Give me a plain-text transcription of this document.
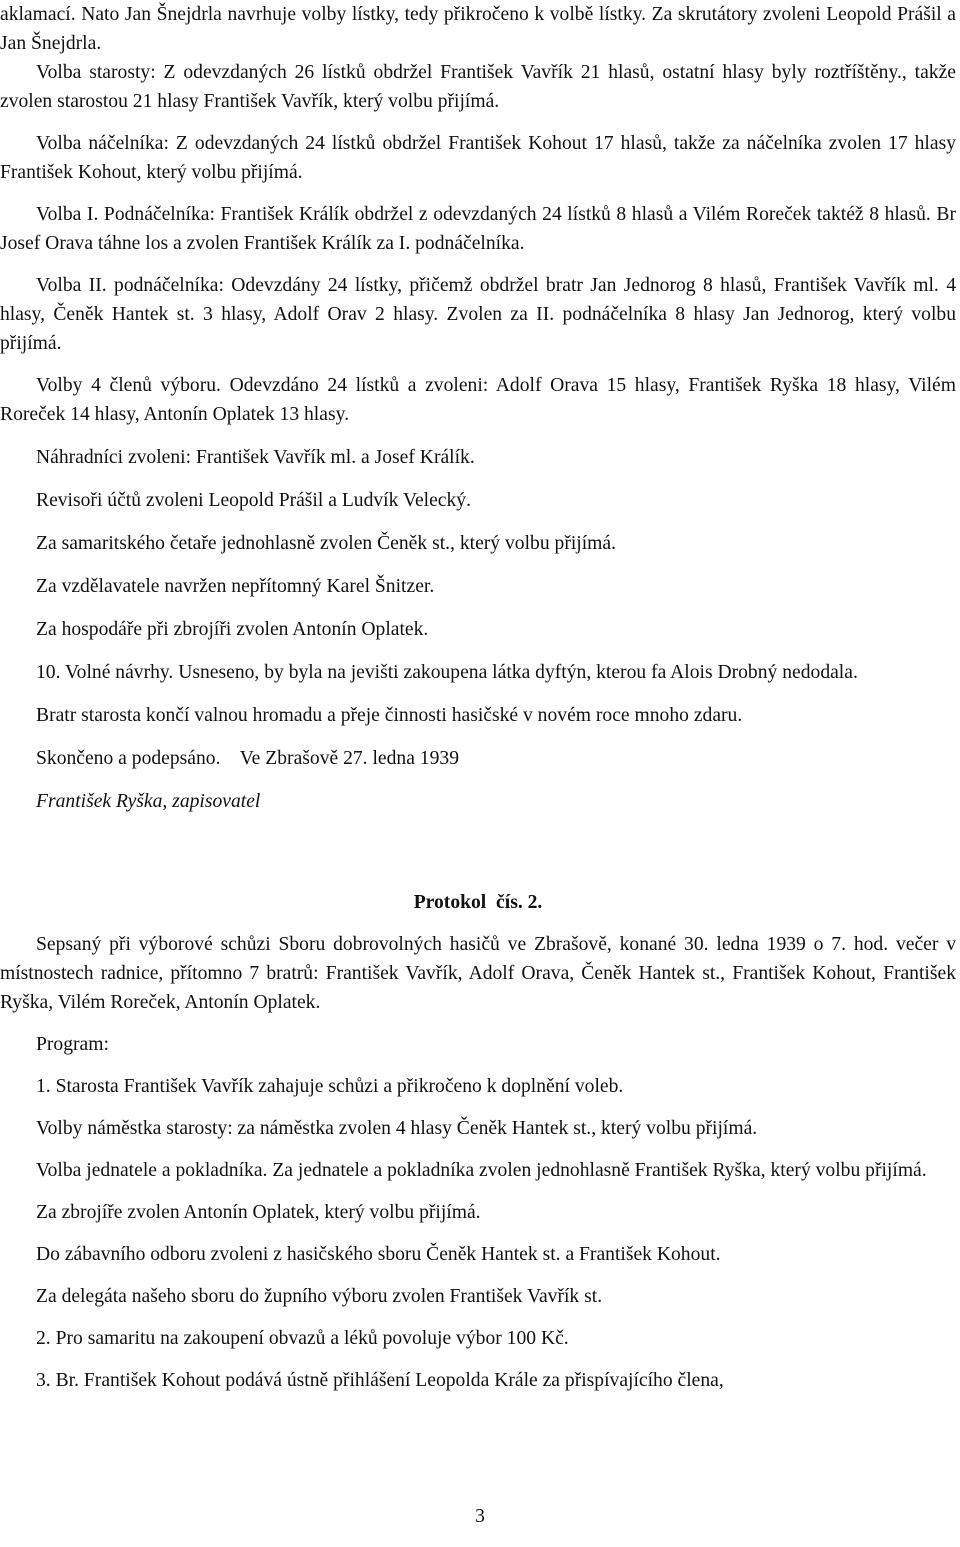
aklamací. Nato Jan Šnejdrla navrhuje volby lístky, tedy přikročeno k volbě lístky. Za skrutátory zvoleni Leopold Prášil a Jan Šnejdrla.

Volba starosty: Z odevzdaných 26 lístků obdržel František Vavřík 21 hlasů, ostatní hlasy byly roztříštěny., takže zvolen starostou 21 hlasy František Vavřík, který volbu přijímá.

Volba náčelníka: Z odevzdaných 24 lístků obdržel František Kohout 17 hlasů, takže za náčelníka zvolen 17 hlasy František Kohout, který volbu přijímá.

Volba I. Podnáčelníka: František Králík obdržel z odevzdaných 24 lístků 8 hlasů a Vilém Roreček taktéž 8 hlasů. Br Josef Orava táhne los a zvolen František Králík za I. podnáčelníka.

Volba II. podnáčelníka: Odevzdány 24 lístky, přičemž obdržel bratr Jan Jednorog 8 hlasů, František Vavřík ml. 4 hlasy, Čeněk Hantek st. 3 hlasy, Adolf Orav 2 hlasy. Zvolen za II. podnáčelníka 8 hlasy Jan Jednorog, který volbu přijímá.

Volby 4 členů výboru. Odevzdáno 24 lístků a zvoleni: Adolf Orava 15 hlasy, František Ryška 18 hlasy, Vilém Roreček 14 hlasy, Antonín Oplatek 13 hlasy.

Náhradníci zvoleni: František Vavřík ml. a Josef Králík.

Revisoři účtů zvoleni Leopold Prášil a Ludvík Velecký.

Za samaritského četaře jednohlasně zvolen Čeněk st., který volbu přijímá.

Za vzdělavatele navržen nepřítomný Karel Šnitzer.

Za hospodáře při zbrojíři zvolen Antonín Oplatek.

10. Volné návrhy. Usneseno, by byla na jevišti zakoupena látka dyftýn, kterou fa Alois Drobný nedodala.

Bratr starosta končí valnou hromadu a přeje činnosti hasičské v novém roce mnoho zdaru.

Skončeno a podepsáno.    Ve Zbrašově 27. ledna 1939

František Ryška, zapisovatel

Protokol  čís. 2.

Sepsaný při výborové schůzi Sboru dobrovolných hasičů ve Zbrašově, konané 30. ledna 1939 o 7. hod. večer v místnostech radnice, přítomno 7 bratrů: František Vavřík, Adolf Orava, Čeněk Hantek st., František Kohout, František Ryška, Vilém Roreček, Antonín Oplatek.

Program:

1. Starosta František Vavřík zahajuje schůzi a přikročeno k doplnění voleb.

Volby náměstka starosty: za náměstka zvolen 4 hlasy Čeněk Hantek st., který volbu přijímá.

Volba jednatele a pokladníka. Za jednatele a pokladníka zvolen jednohlasně František Ryška, který volbu přijímá.

Za zbrojíře zvolen Antonín Oplatek, který volbu přijímá.

Do zábavního odboru zvoleni z hasičského sboru Čeněk Hantek st. a František Kohout.

Za delegáta našeho sboru do župního výboru zvolen František Vavřík st.

2. Pro samaritu na zakoupení obvazů a léků povoluje výbor 100 Kč.

3. Br. František Kohout podává ústně přihlášení Leopolda Krále za přispívajícího člena,

3
